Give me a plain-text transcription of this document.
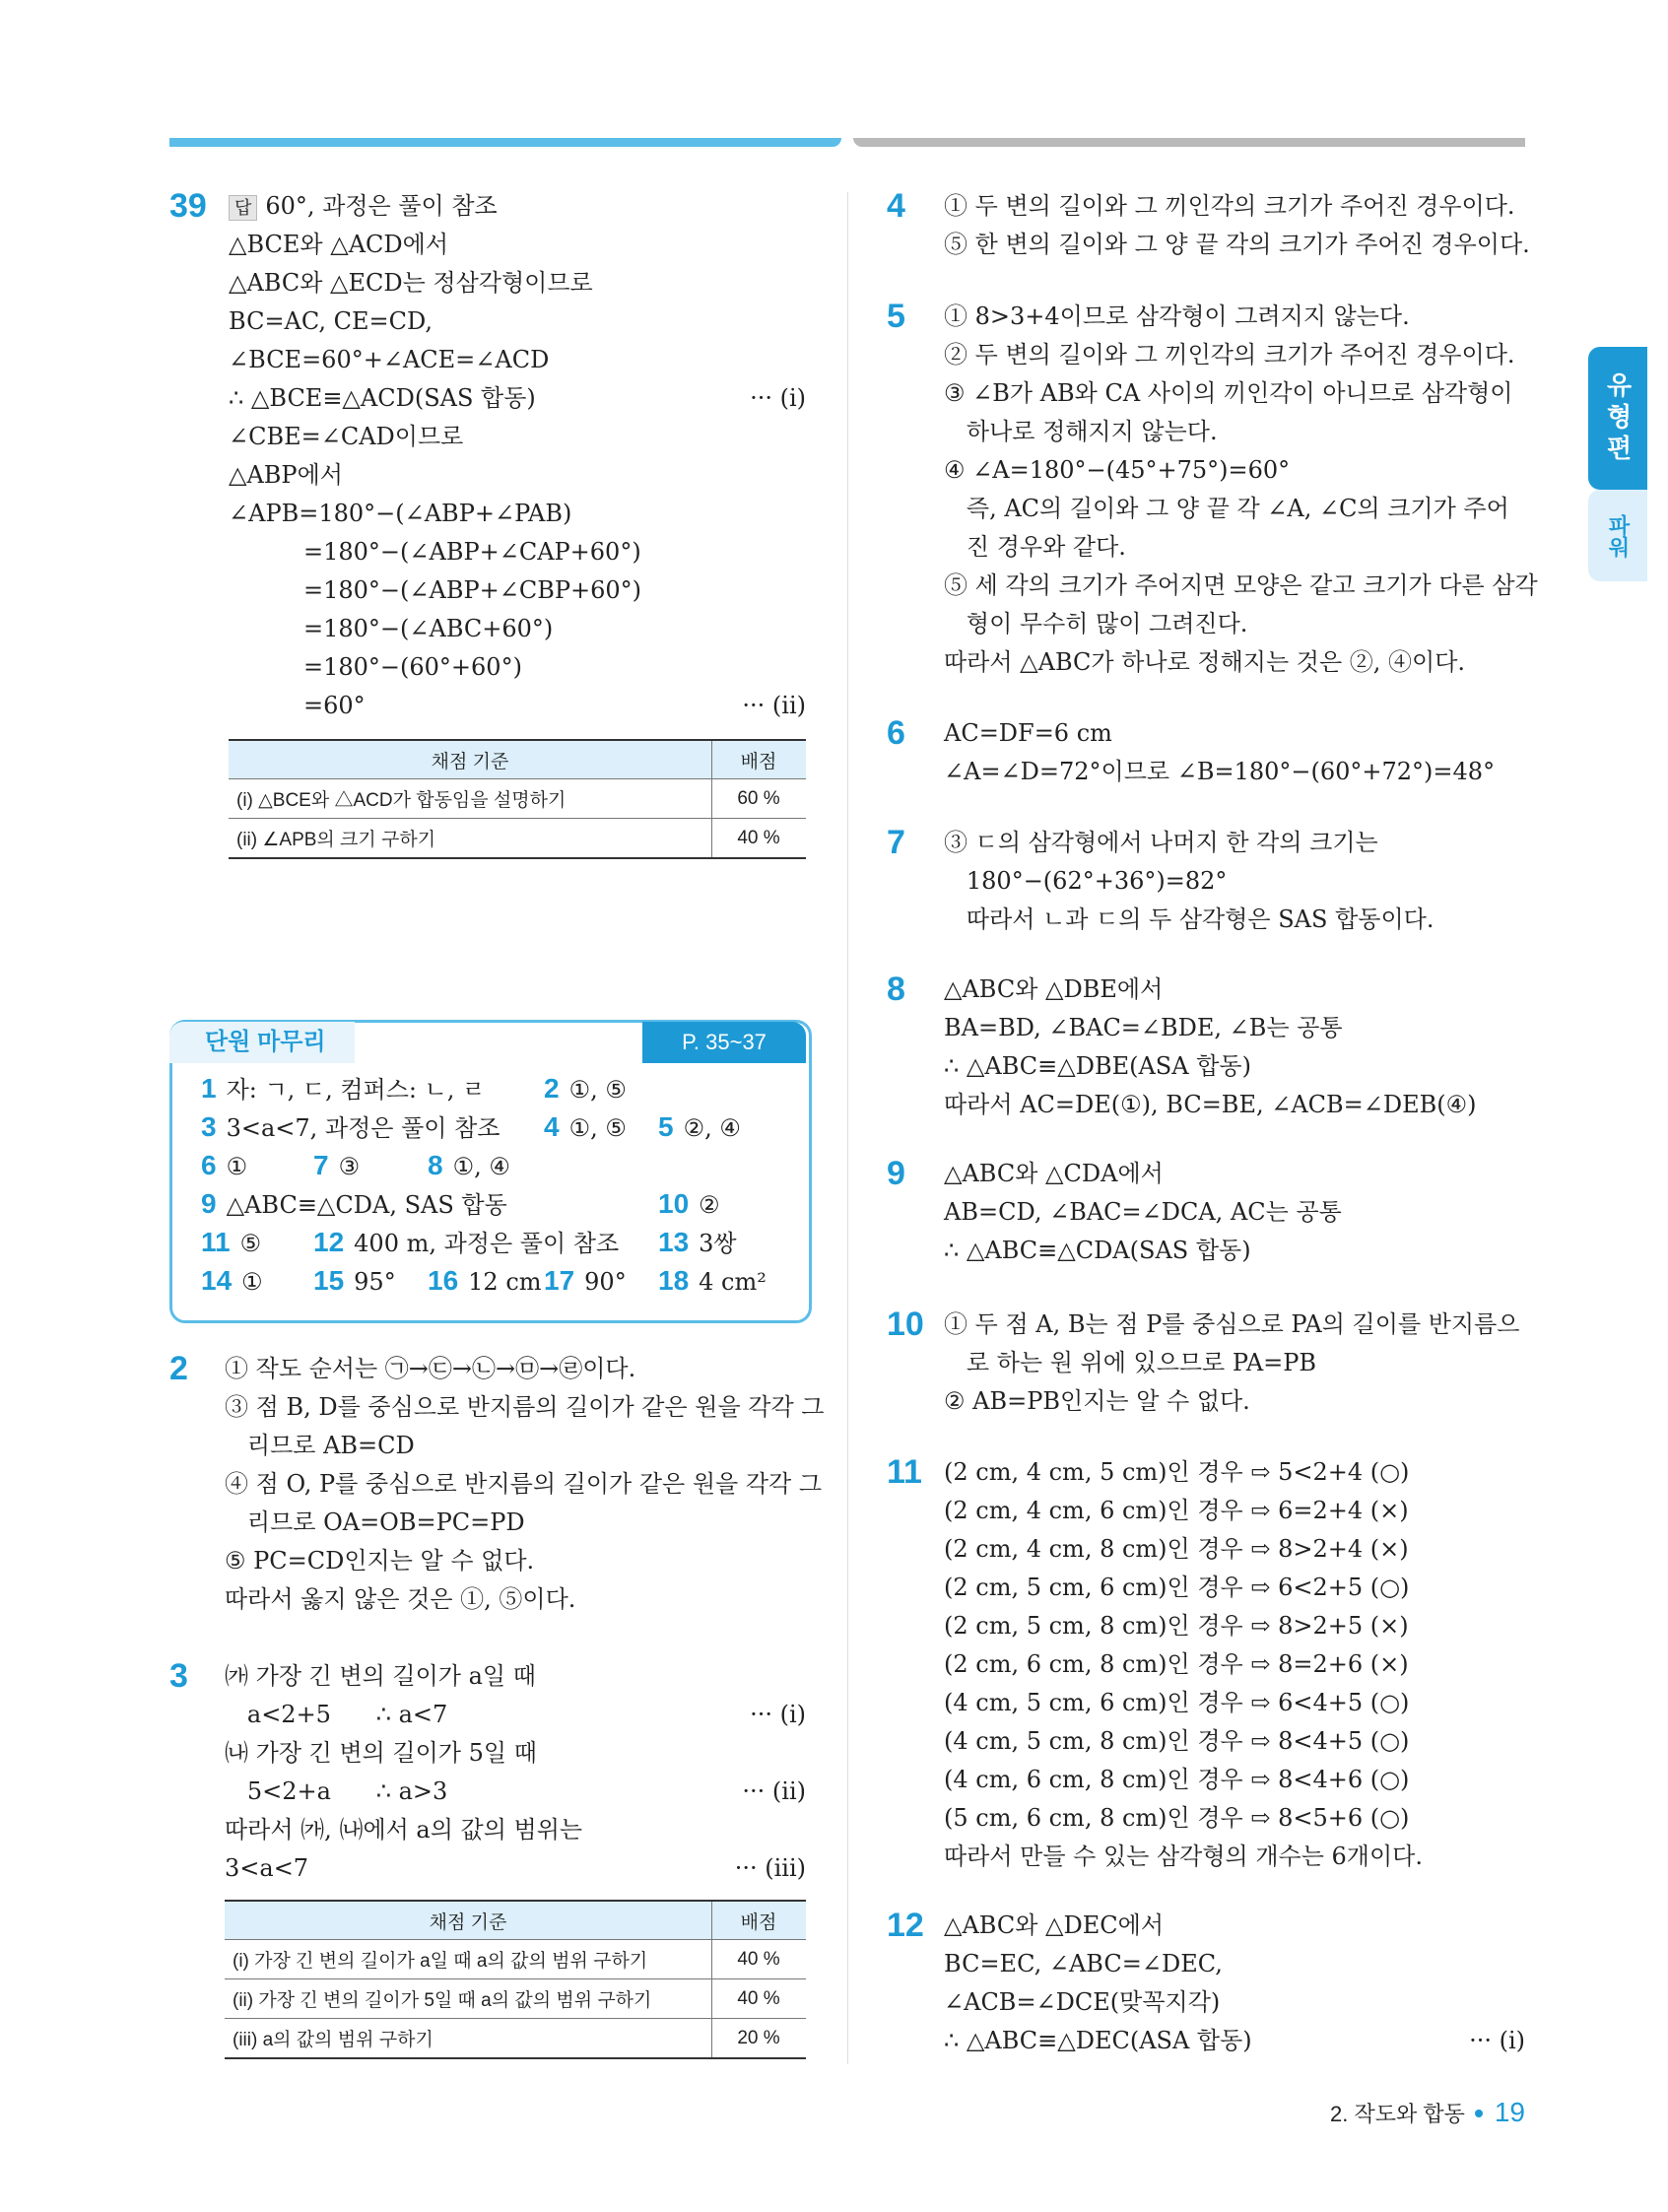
유형편
파워
39	답 60°, 과정은 풀이 참조
△BCE와 △ACD에서
△ABC와 △ECD는 정삼각형이므로
BC=AC, CE=CD,
∠BCE=60°+∠ACE=∠ACD
∴ △BCE≡△ACD(SAS 합동)	··· (i)
∠CBE=∠CAD이므로
△ABP에서
∠APB=180°−(∠ABP+∠PAB)
=180°−(∠ABP+∠CAP+60°)
=180°−(∠ABP+∠CBP+60°)
=180°−(∠ABC+60°)
=180°−(60°+60°)
=60°	··· (ii)
채점 기준	배점
(i) △BCE와 △ACD가 합동임을 설명하기	60 %
(ii) ∠APB의 크기 구하기	40 %
단원 마무리	P. 35~37
1 자: ㄱ, ㄷ, 컴퍼스: ㄴ, ㄹ 2 ①, ⑤
3 3<a<7, 과정은 풀이 참조 4 ①, ⑤ 5 ②, ④
6 ① 7 ③ 8 ①, ④
9 △ABC≡△CDA, SAS 합동	10 ②
11 ⑤ 12 400 m, 과정은 풀이 참조 13 3쌍
14 ① 15 95° 16 12 cm 17 90° 18 4 cm²
2	① 작도 순서는 ㉠→㉢→㉡→㉤→㉣이다.
③ 점 B, D를 중심으로 반지름의 길이가 같은 원을 각각 그
리므로 AB=CD
④ 점 O, P를 중심으로 반지름의 길이가 같은 원을 각각 그
리므로 OA=OB=PC=PD
⑤ PC=CD인지는 알 수 없다.
따라서 옳지 않은 것은 ①, ⑤이다.
3	㈎ 가장 긴 변의 길이가 a일 때
a<2+5      ∴ a<7	··· (i)
㈏ 가장 긴 변의 길이가 5일 때
5<2+a      ∴ a>3	··· (ii)
따라서 ㈎, ㈏에서 a의 값의 범위는
3<a<7	··· (iii)
채점 기준	배점
(i) 가장 긴 변의 길이가 a일 때 a의 값의 범위 구하기	40 %
(ii) 가장 긴 변의 길이가 5일 때 a의 값의 범위 구하기	40 %
(iii) a의 값의 범위 구하기	20 %
4	① 두 변의 길이와 그 끼인각의 크기가 주어진 경우이다.
⑤ 한 변의 길이와 그 양 끝 각의 크기가 주어진 경우이다.
5	① 8>3+4이므로 삼각형이 그려지지 않는다.
② 두 변의 길이와 그 끼인각의 크기가 주어진 경우이다.
③ ∠B가 AB와 CA 사이의 끼인각이 아니므로 삼각형이
하나로 정해지지 않는다.
④ ∠A=180°−(45°+75°)=60°
즉, AC의 길이와 그 양 끝 각 ∠A, ∠C의 크기가 주어
진 경우와 같다.
⑤ 세 각의 크기가 주어지면 모양은 같고 크기가 다른 삼각
형이 무수히 많이 그려진다.
따라서 △ABC가 하나로 정해지는 것은 ②, ④이다.
6	AC=DF=6 cm
∠A=∠D=72°이므로 ∠B=180°−(60°+72°)=48°
7	③ ㄷ의 삼각형에서 나머지 한 각의 크기는
180°−(62°+36°)=82°
따라서 ㄴ과 ㄷ의 두 삼각형은 SAS 합동이다.
8	△ABC와 △DBE에서
BA=BD, ∠BAC=∠BDE, ∠B는 공통
∴ △ABC≡△DBE(ASA 합동)
따라서 AC=DE(①), BC=BE, ∠ACB=∠DEB(④)
9	△ABC와 △CDA에서
AB=CD, ∠BAC=∠DCA, AC는 공통
∴ △ABC≡△CDA(SAS 합동)
10 ① 두 점 A, B는 점 P를 중심으로 PA의 길이를 반지름으
로 하는 원 위에 있으므로 PA=PB
② AB=PB인지는 알 수 없다.
11 (2 cm, 4 cm, 5 cm)인 경우 ⇨ 5<2+4 (○)
(2 cm, 4 cm, 6 cm)인 경우 ⇨ 6=2+4 (×)
(2 cm, 4 cm, 8 cm)인 경우 ⇨ 8>2+4 (×)
(2 cm, 5 cm, 6 cm)인 경우 ⇨ 6<2+5 (○)
(2 cm, 5 cm, 8 cm)인 경우 ⇨ 8>2+5 (×)
(2 cm, 6 cm, 8 cm)인 경우 ⇨ 8=2+6 (×)
(4 cm, 5 cm, 6 cm)인 경우 ⇨ 6<4+5 (○)
(4 cm, 5 cm, 8 cm)인 경우 ⇨ 8<4+5 (○)
(4 cm, 6 cm, 8 cm)인 경우 ⇨ 8<4+6 (○)
(5 cm, 6 cm, 8 cm)인 경우 ⇨ 8<5+6 (○)
따라서 만들 수 있는 삼각형의 개수는 6개이다.
12 △ABC와 △DEC에서
BC=EC, ∠ABC=∠DEC,
∠ACB=∠DCE(맞꼭지각)
∴ △ABC≡△DEC(ASA 합동)	··· (i)
2. 작도와 합동 19
